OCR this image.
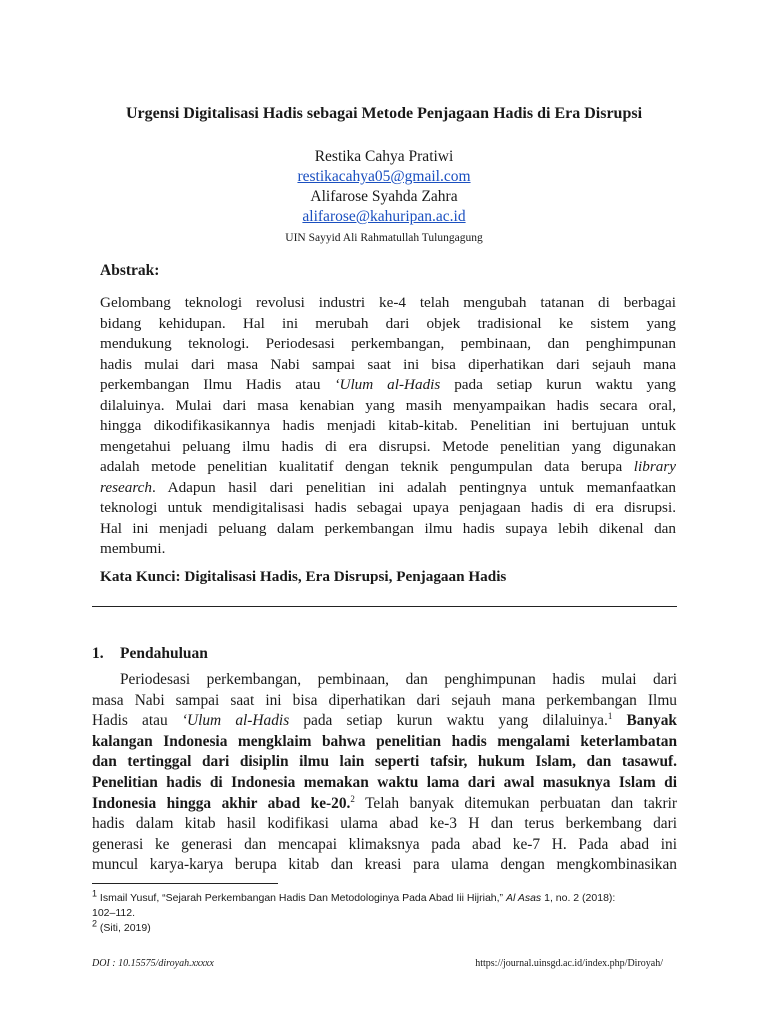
Urgensi Digitalisasi Hadis sebagai Metode Penjagaan Hadis di Era Disrupsi
Restika Cahya Pratiwi
restikacahya05@gmail.com
Alifarose Syahda Zahra
alifarose@kahuripan.ac.id
UIN Sayyid Ali Rahmatullah Tulungagung
Abstrak:
Gelombang teknologi revolusi industri ke-4 telah mengubah tatanan di berbagai
bidang kehidupan. Hal ini merubah dari objek tradisional ke sistem yang
mendukung teknologi. Periodesasi perkembangan, pembinaan, dan penghimpunan
hadis mulai dari masa Nabi sampai saat ini bisa diperhatikan dari sejauh mana
perkembangan Ilmu Hadis atau ‘Ulum al-Hadis pada setiap kurun waktu yang
dilaluinya. Mulai dari masa kenabian yang masih menyampaikan hadis secara oral,
hingga dikodifikasikannya hadis menjadi kitab-kitab. Penelitian ini bertujuan untuk
mengetahui peluang ilmu hadis di era disrupsi. Metode penelitian yang digunakan
adalah metode penelitian kualitatif dengan teknik pengumpulan data berupa library
research. Adapun hasil dari penelitian ini adalah pentingnya untuk memanfaatkan
teknologi untuk mendigitalisasi hadis sebagai upaya penjagaan hadis di era disrupsi.
Hal ini menjadi peluang dalam perkembangan ilmu hadis supaya lebih dikenal dan
membumi.
Kata Kunci: Digitalisasi Hadis, Era Disrupsi, Penjagaan Hadis
1. Pendahuluan
Periodesasi perkembangan, pembinaan, dan penghimpunan hadis mulai dari
masa Nabi sampai saat ini bisa diperhatikan dari sejauh mana perkembangan Ilmu
Hadis atau ‘Ulum al-Hadis pada setiap kurun waktu yang dilaluinya.$^1$ Banyak
kalangan Indonesia mengklaim bahwa penelitian hadis mengalami keterlambatan
dan tertinggal dari disiplin ilmu lain seperti tafsir, hukum Islam, dan tasawuf.
Penelitian hadis di Indonesia memakan waktu lama dari awal masuknya Islam di
Indonesia hingga akhir abad ke-20.$^2$ Telah banyak ditemukan perbuatan dan takrir
hadis dalam kitab hasil kodifikasi ulama abad ke-3 H dan terus berkembang dari
generasi ke generasi dan mencapai klimaksnya pada abad ke-7 H. Pada abad ini
muncul karya-karya berupa kitab dan kreasi para ulama dengan mengkombinasikan
1 Ismail Yusuf, “Sejarah Perkembangan Hadis Dan Metodologinya Pada Abad Iii Hijriah,” Al Asas 1, no. 2 (2018):
102–112.
2 (Siti, 2019)
DOI : 10.15575/diroyah.xxxxx	https://journal.uinsgd.ac.id/index.php/Diroyah/
